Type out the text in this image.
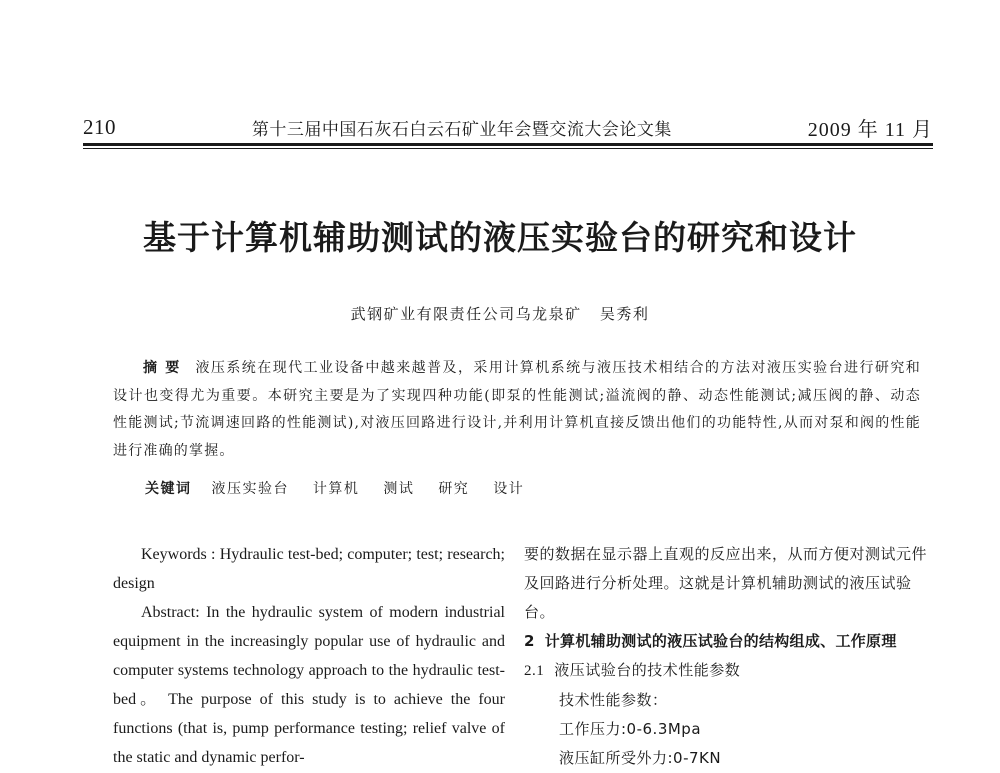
210	第十三届中国石灰石白云石矿业年会暨交流大会论文集	2009 年 11 月
基于计算机辅助测试的液压实验台的研究和设计
武钢矿业有限责任公司乌龙泉矿 吴秀利
摘要 液压系统在现代工业设备中越来越普及，采用计算机系统与液压技术相结合的方法对液压实验台进行研究和设计也变得尤为重要。本研究主要是为了实现四种功能(即泵的性能测试;溢流阀的静、动态性能测试;减压阀的静、动态性能测试;节流调速回路的性能测试),对液压回路进行设计,并利用计算机直接反馈出他们的功能特性,从而对泵和阀的性能进行准确的掌握。
关键词 液压实验台 计算机 测试 研究 设计

Keywords : Hydraulic test-bed; computer; test; research; design

Abstract: In the hydraulic system of modern industrial equipment in the increasingly popular use of hydraulic and computer systems technology approach to the hydraulic test-bed。 The purpose of this study is to achieve the four functions (that is, pump performance testing; relief valve of the static and dynamic perfor-

要的数据在显示器上直观的反应出来，从而方便对测试元件及回路进行分析处理。这就是计算机辅助测试的液压试验台。

2 计算机辅助测试的液压试验台的结构组成、工作原理

2.1 液压试验台的技术性能参数

技术性能参数：

工作压力:0-6.3Mpa

液压缸所受外力:0-7KN
